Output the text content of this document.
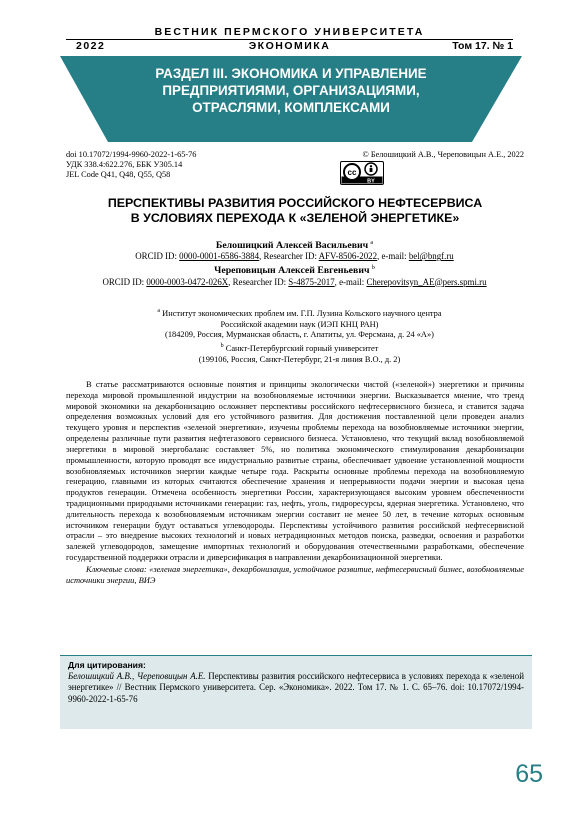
ВЕСТНИК ПЕРМСКОГО УНИВЕРСИТЕТА
2022	ЭКОНОМИКА	Том 17. № 1
РАЗДЕЛ III. ЭКОНОМИКА И УПРАВЛЕНИЕ
ПРЕДПРИЯТИЯМИ, ОРГАНИЗАЦИЯМИ,
ОТРАСЛЯМИ, КОМПЛЕКСАМИ
doi 10.17072/1994-9960-2022-1-65-76
УДК 338.4:622.276, ББК У305.14
JEL Code Q41, Q48, Q55, Q58
© Белошицкий А.В., Череповицын А.Е., 2022
cc
BY
ПЕРСПЕКТИВЫ РАЗВИТИЯ РОССИЙСКОГО НЕФТЕСЕРВИСА
В УСЛОВИЯХ ПЕРЕХОДА К «ЗЕЛЕНОЙ ЭНЕРГЕТИКЕ»
Белошицкий Алексей Васильевич $^a$
ORCID ID: 0000-0001-6586-3884, Researcher ID: AFV-8506-2022, e-mail: bel@bngf.ru
Череповицын Алексей Евгеньевич $^b$
ORCID ID: 0000-0003-0472-026X, Researcher ID: S-4875-2017, e-mail: Cherepovitsyn_AE@pers.spmi.ru
$^a$ Институт экономических проблем им. Г.П. Лузина Кольского научного центра
Российской академии наук (ИЭП КНЦ РАН)
(184209, Россия, Мурманская область, г. Апатиты, ул. Ферсмана, д. 24 «А»)
$^b$ Санкт-Петербургский горный университет
(199106, Россия, Санкт-Петербург, 21-я линия В.О., д. 2)

В статье рассматриваются основные понятия и принципы экологически чистой («зеленой») энергетики и причины перехода мировой промышленной индустрии на возобновляемые источники энергии. Высказывается мнение, что тренд мировой экономики на декарбонизацию осложняет перспективы российского нефтесервисного бизнеса, и ставится задача определения возможных условий для его устойчивого развития. Для достижения поставленной цели проведен анализ текущего уровня и перспектив «зеленой энергетики», изучены проблемы перехода на возобновляемые источники энергии, определены различные пути развития нефтегазового сервисного бизнеса. Установлено, что текущий вклад возобновляемой энергетики в мировой энергобаланс составляет 5%, но политика экономического стимулирования декарбонизации промышленности, которую проводят все индустриально развитые страны, обеспечивает удвоение установленной мощности возобновляемых источников энергии каждые четыре года. Раскрыты основные проблемы перехода на возобновляемую генерацию, главными из которых считаются обеспечение хранения и непрерывности подачи энергии и высокая цена продуктов генерации. Отмечена особенность энергетики России, характеризующаяся высоким уровнем обеспеченности традиционными природными источниками генерации: газ, нефть, уголь, гидроресурсы, ядерная энергетика. Установлено, что длительность перехода к возобновляемым источникам энергии составит не менее 50 лет, в течение которых основным источником генерации будут оставаться углеводороды. Перспективы устойчивого развития российской нефтесервисной отрасли – это внедрение высоких технологий и новых нетрадиционных методов поиска, разведки, освоения и разработки залежей углеводородов, замещение импортных технологий и оборудования отечественными разработками, обеспечение государственной поддержки отрасли и диверсификация в направлении декарбонизационной энергетики.

Ключевые слова: «зеленая энергетика», декарбонизация, устойчивое развитие, нефтесервисный бизнес, возобновляемые источники энергии, ВИЭ

Для цитирования:
Белошицкий А.В., Череповицын А.Е. Перспективы развития российского нефтесервиса в условиях перехода к «зеленой энергетике» // Вестник Пермского университета. Сер. «Экономика». 2022. Том 17. № 1. С. 65–76. doi: 10.17072/1994-9960-2022-1-65-76
65
